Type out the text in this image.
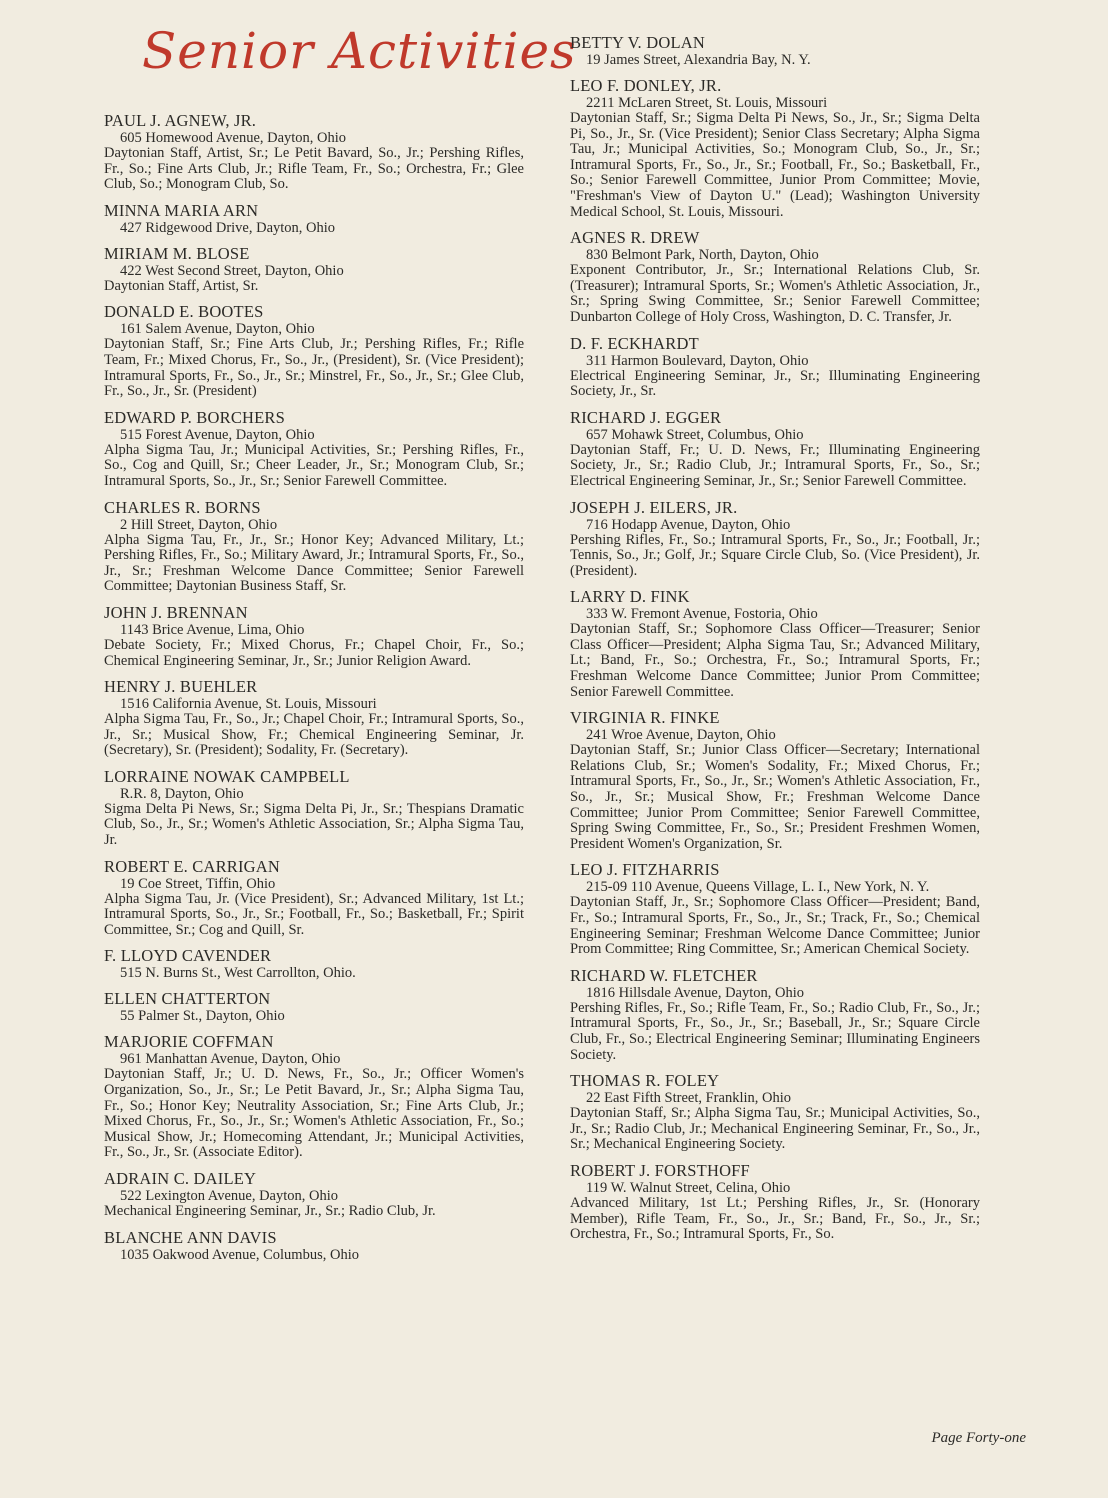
Senior Activities

PAUL J. AGNEW, JR.

605 Homewood Avenue, Dayton, Ohio

Daytonian Staff, Artist, Sr.; Le Petit Bavard, So., Jr.; Pershing Rifles, Fr., So.; Fine Arts Club, Jr.; Rifle Team, Fr., So.; Orchestra, Fr.; Glee Club, So.; Monogram Club, So.

MINNA MARIA ARN

427 Ridgewood Drive, Dayton, Ohio

MIRIAM M. BLOSE

422 West Second Street, Dayton, Ohio

Daytonian Staff, Artist, Sr.

DONALD E. BOOTES

161 Salem Avenue, Dayton, Ohio

Daytonian Staff, Sr.; Fine Arts Club, Jr.; Pershing Rifles, Fr.; Rifle Team, Fr.; Mixed Chorus, Fr., So., Jr., (President), Sr. (Vice President); Intramural Sports, Fr., So., Jr., Sr.; Minstrel, Fr., So., Jr., Sr.; Glee Club, Fr., So., Jr., Sr. (President)

EDWARD P. BORCHERS

515 Forest Avenue, Dayton, Ohio

Alpha Sigma Tau, Jr.; Municipal Activities, Sr.; Pershing Rifles, Fr., So., Cog and Quill, Sr.; Cheer Leader, Jr., Sr.; Monogram Club, Sr.; Intramural Sports, So., Jr., Sr.; Senior Farewell Committee.

CHARLES R. BORNS

2 Hill Street, Dayton, Ohio

Alpha Sigma Tau, Fr., Jr., Sr.; Honor Key; Advanced Military, Lt.; Pershing Rifles, Fr., So.; Military Award, Jr.; Intramural Sports, Fr., So., Jr., Sr.; Freshman Welcome Dance Committee; Senior Farewell Committee; Daytonian Business Staff, Sr.

JOHN J. BRENNAN

1143 Brice Avenue, Lima, Ohio

Debate Society, Fr.; Mixed Chorus, Fr.; Chapel Choir, Fr., So.; Chemical Engineering Seminar, Jr., Sr.; Junior Religion Award.

HENRY J. BUEHLER

1516 California Avenue, St. Louis, Missouri

Alpha Sigma Tau, Fr., So., Jr.; Chapel Choir, Fr.; Intramural Sports, So., Jr., Sr.; Musical Show, Fr.; Chemical Engineering Seminar, Jr. (Secretary), Sr. (President); Sodality, Fr. (Secretary).

LORRAINE NOWAK CAMPBELL

R.R. 8, Dayton, Ohio

Sigma Delta Pi News, Sr.; Sigma Delta Pi, Jr., Sr.; Thespians Dramatic Club, So., Jr., Sr.; Women's Athletic Association, Sr.; Alpha Sigma Tau, Jr.

ROBERT E. CARRIGAN

19 Coe Street, Tiffin, Ohio

Alpha Sigma Tau, Jr. (Vice President), Sr.; Advanced Military, 1st Lt.; Intramural Sports, So., Jr., Sr.; Football, Fr., So.; Basketball, Fr.; Spirit Committee, Sr.; Cog and Quill, Sr.

F. LLOYD CAVENDER

515 N. Burns St., West Carrollton, Ohio.

ELLEN CHATTERTON

55 Palmer St., Dayton, Ohio

MARJORIE COFFMAN

961 Manhattan Avenue, Dayton, Ohio

Daytonian Staff, Jr.; U. D. News, Fr., So., Jr.; Officer Women's Organization, So., Jr., Sr.; Le Petit Bavard, Jr., Sr.; Alpha Sigma Tau, Fr., So.; Honor Key; Neutrality Association, Sr.; Fine Arts Club, Jr.; Mixed Chorus, Fr., So., Jr., Sr.; Women's Athletic Association, Fr., So.; Musical Show, Jr.; Homecoming Attendant, Jr.; Municipal Activities, Fr., So., Jr., Sr. (Associate Editor).

ADRAIN C. DAILEY

522 Lexington Avenue, Dayton, Ohio

Mechanical Engineering Seminar, Jr., Sr.; Radio Club, Jr.

BLANCHE ANN DAVIS

1035 Oakwood Avenue, Columbus, Ohio

BETTY V. DOLAN

19 James Street, Alexandria Bay, N. Y.

LEO F. DONLEY, JR.

2211 McLaren Street, St. Louis, Missouri

Daytonian Staff, Sr.; Sigma Delta Pi News, So., Jr., Sr.; Sigma Delta Pi, So., Jr., Sr. (Vice President); Senior Class Secretary; Alpha Sigma Tau, Jr.; Municipal Activities, So.; Monogram Club, So., Jr., Sr.; Intramural Sports, Fr., So., Jr., Sr.; Football, Fr., So.; Basketball, Fr., So.; Senior Farewell Committee, Junior Prom Committee; Movie, "Freshman's View of Dayton U." (Lead); Washington University Medical School, St. Louis, Missouri.

AGNES R. DREW

830 Belmont Park, North, Dayton, Ohio

Exponent Contributor, Jr., Sr.; International Relations Club, Sr. (Treasurer); Intramural Sports, Sr.; Women's Athletic Association, Jr., Sr.; Spring Swing Committee, Sr.; Senior Farewell Committee; Dunbarton College of Holy Cross, Washington, D. C. Transfer, Jr.

D. F. ECKHARDT

311 Harmon Boulevard, Dayton, Ohio

Electrical Engineering Seminar, Jr., Sr.; Illuminating Engineering Society, Jr., Sr.

RICHARD J. EGGER

657 Mohawk Street, Columbus, Ohio

Daytonian Staff, Fr.; U. D. News, Fr.; Illuminating Engineering Society, Jr., Sr.; Radio Club, Jr.; Intramural Sports, Fr., So., Sr.; Electrical Engineering Seminar, Jr., Sr.; Senior Farewell Committee.

JOSEPH J. EILERS, JR.

716 Hodapp Avenue, Dayton, Ohio

Pershing Rifles, Fr., So.; Intramural Sports, Fr., So., Jr.; Football, Jr.; Tennis, So., Jr.; Golf, Jr.; Square Circle Club, So. (Vice President), Jr. (President).

LARRY D. FINK

333 W. Fremont Avenue, Fostoria, Ohio

Daytonian Staff, Sr.; Sophomore Class Officer—Treasurer; Senior Class Officer—President; Alpha Sigma Tau, Sr.; Advanced Military, Lt.; Band, Fr., So.; Orchestra, Fr., So.; Intramural Sports, Fr.; Freshman Welcome Dance Committee; Junior Prom Committee; Senior Farewell Committee.

VIRGINIA R. FINKE

241 Wroe Avenue, Dayton, Ohio

Daytonian Staff, Sr.; Junior Class Officer—Secretary; International Relations Club, Sr.; Women's Sodality, Fr.; Mixed Chorus, Fr.; Intramural Sports, Fr., So., Jr., Sr.; Women's Athletic Association, Fr., So., Jr., Sr.; Musical Show, Fr.; Freshman Welcome Dance Committee; Junior Prom Committee; Senior Farewell Committee, Spring Swing Committee, Fr., So., Sr.; President Freshmen Women, President Women's Organization, Sr.

LEO J. FITZHARRIS

215-09 110 Avenue, Queens Village, L. I., New York, N. Y.

Daytonian Staff, Jr., Sr.; Sophomore Class Officer—President; Band, Fr., So.; Intramural Sports, Fr., So., Jr., Sr.; Track, Fr., So.; Chemical Engineering Seminar; Freshman Welcome Dance Committee; Junior Prom Committee; Ring Committee, Sr.; American Chemical Society.

RICHARD W. FLETCHER

1816 Hillsdale Avenue, Dayton, Ohio

Pershing Rifles, Fr., So.; Rifle Team, Fr., So.; Radio Club, Fr., So., Jr.; Intramural Sports, Fr., So., Jr., Sr.; Baseball, Jr., Sr.; Square Circle Club, Fr., So.; Electrical Engineering Seminar; Illuminating Engineers Society.

THOMAS R. FOLEY

22 East Fifth Street, Franklin, Ohio

Daytonian Staff, Sr.; Alpha Sigma Tau, Sr.; Municipal Activities, So., Jr., Sr.; Radio Club, Jr.; Mechanical Engineering Seminar, Fr., So., Jr., Sr.; Mechanical Engineering Society.

ROBERT J. FORSTHOFF

119 W. Walnut Street, Celina, Ohio

Advanced Military, 1st Lt.; Pershing Rifles, Jr., Sr. (Honorary Member), Rifle Team, Fr., So., Jr., Sr.; Band, Fr., So., Jr., Sr.; Orchestra, Fr., So.; Intramural Sports, Fr., So.

Page Forty-one
